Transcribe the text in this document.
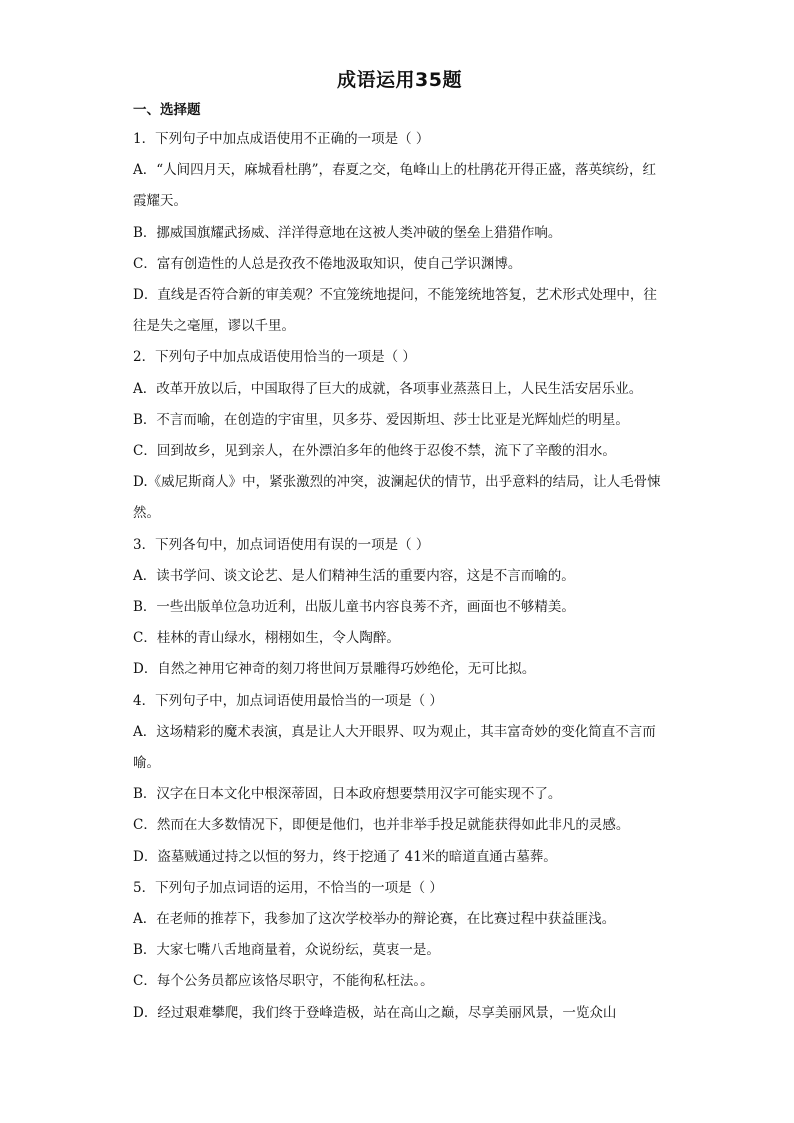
成语运用35题
一、选择题

1．下列句子中加点成语使用不正确的一项是（ ）

A．“人间四月天，麻城看杜鹃”，春夏之交，龟峰山上的杜鹃花开得正盛，落英缤纷，红霞耀天。

B．挪威国旗耀武扬威、洋洋得意地在这被人类冲破的堡垒上猎猎作响。

C．富有创造性的人总是孜孜不倦地汲取知识，使自己学识渊博。

D．直线是否符合新的审美观？不宜笼统地提问，不能笼统地答复，艺术形式处理中，往往是失之毫厘，谬以千里。

2．下列句子中加点成语使用恰当的一项是（ ）

A．改革开放以后，中国取得了巨大的成就，各项事业蒸蒸日上，人民生活安居乐业。

B．不言而喻，在创造的宇宙里，贝多芬、爱因斯坦、莎士比亚是光辉灿烂的明星。

C．回到故乡，见到亲人，在外漂泊多年的他终于忍俊不禁，流下了辛酸的泪水。

D.《威尼斯商人》中，紧张激烈的冲突，波澜起伏的情节，出乎意料的结局，让人毛骨悚然。

3．下列各句中，加点词语使用有误的一项是（ ）

A．读书学问、谈文论艺、是人们精神生活的重要内容，这是不言而喻的。

B．一些出版单位急功近利，出版儿童书内容良莠不齐，画面也不够精美。

C．桂林的青山绿水，栩栩如生，令人陶醉。

D．自然之神用它神奇的刻刀将世间万景雕得巧妙绝伦，无可比拟。

4．下列句子中，加点词语使用最恰当的一项是（ ）

A．这场精彩的魔术表演，真是让人大开眼界、叹为观止，其丰富奇妙的变化简直不言而喻。

B．汉字在日本文化中根深蒂固，日本政府想要禁用汉字可能实现不了。

C．然而在大多数情况下，即便是他们，也并非举手投足就能获得如此非凡的灵感。

D．盗墓贼通过持之以恒的努力，终于挖通了 41米的暗道直通古墓葬。

5．下列句子加点词语的运用，不恰当的一项是（ ）

A．在老师的推荐下，我参加了这次学校举办的辩论赛，在比赛过程中获益匪浅。

B．大家七嘴八舌地商量着，众说纷纭，莫衷一是。

C．每个公务员都应该恪尽职守，不能徇私枉法。。

D．经过艰难攀爬，我们终于登峰造极，站在高山之巅，尽享美丽风景，一览众山
